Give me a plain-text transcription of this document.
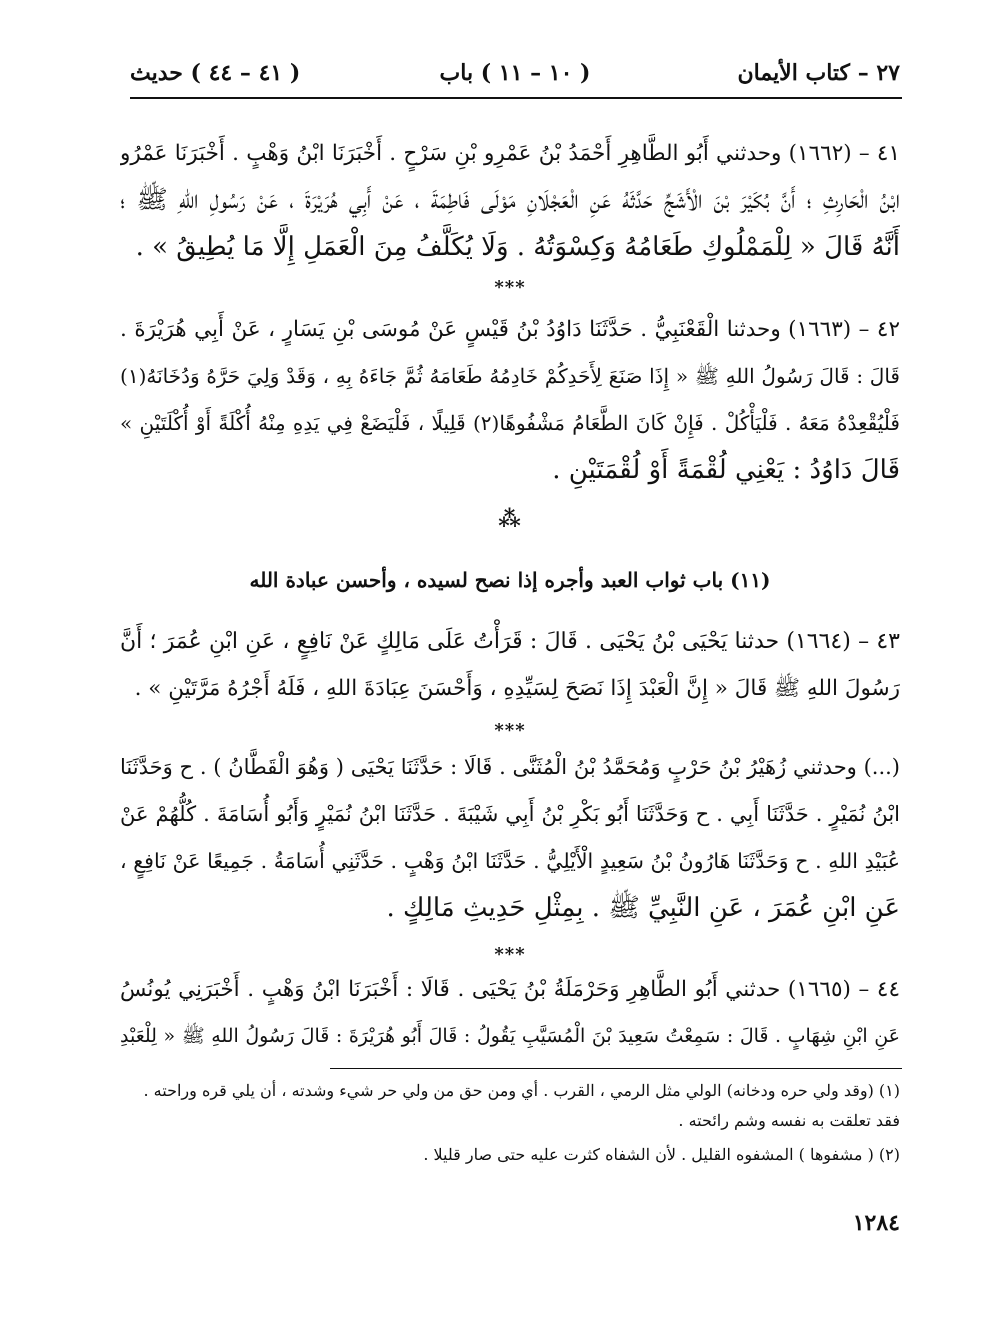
٢٧ – كتاب الأيمان
( ١٠ – ١١ ) باب
( ٤١ – ٤٤ ) حديث
٤١ – (١٦٦٢) وحدثني أَبُو الطَّاهِرِ أَحْمَدُ بْنُ عَمْرِو بْنِ سَرْحٍ . أَخْبَرَنَا ابْنُ وَهْبٍ . أَخْبَرَنَا عَمْرُو
ابْنُ الْحَارِثِ ؛ أَنَّ بُكَيْرَ بْنَ الْأَشَجِّ حَدَّثَهُ عَنِ الْعَجْلَانِ مَوْلَى فَاطِمَةَ ، عَنْ أَبِي هُرَيْرَةَ ، عَنْ رَسُولِ اللهِ ﷺ ؛
أَنَّهُ قَالَ « لِلْمَمْلُوكِ طَعَامُهُ وَكِسْوَتُهُ . وَلَا يُكَلَّفُ مِنَ الْعَمَلِ إِلَّا مَا يُطِيقُ » .
***
٤٢ – (١٦٦٣) وحدثنا الْقَعْنَبِيُّ . حَدَّثَنَا دَاوُدُ بْنُ قَيْسٍ عَنْ مُوسَى بْنِ يَسَارٍ ، عَنْ أَبِي هُرَيْرَةَ .
قَالَ : قَالَ رَسُولُ اللهِ ﷺ « إِذَا صَنَعَ لِأَحَدِكُمْ خَادِمُهُ طَعَامَهُ ثُمَّ جَاءَهُ بِهِ ، وَقَدْ وَلِيَ حَرَّهُ وَدُخَانَهُ(١)
فَلْيُقْعِدْهُ مَعَهُ . فَلْيَأْكُلْ . فَإِنْ كَانَ الطَّعَامُ مَشْفُوهًا(٢) قَلِيلًا ، فَلْيَضَعْ فِي يَدِهِ مِنْهُ أُكْلَةً أَوْ أُكْلَتَيْنِ »
قَالَ دَاوُدُ : يَعْنِي لُقْمَةً أَوْ لُقْمَتَيْنِ .
⁂
(١١) باب ثواب العبد وأجره إذا نصح لسيده ، وأحسن عبادة الله
٤٣ – (١٦٦٤) حدثنا يَحْيَى بْنُ يَحْيَى . قَالَ : قَرَأْتُ عَلَى مَالِكٍ عَنْ نَافِعٍ ، عَنِ ابْنِ عُمَرَ ؛ أَنَّ
رَسُولَ اللهِ ﷺ قَالَ « إِنَّ الْعَبْدَ إِذَا نَصَحَ لِسَيِّدِهِ ، وَأَحْسَنَ عِبَادَةَ اللهِ ، فَلَهُ أَجْرُهُ مَرَّتَيْنِ » .
***
(...) وحدثني زُهَيْرُ بْنُ حَرْبٍ وَمُحَمَّدُ بْنُ الْمُثَنَّى . قَالَا : حَدَّثَنَا يَحْيَى ( وَهُوَ الْقَطَّانُ ) . ح وَحَدَّثَنَا
ابْنُ نُمَيْرٍ . حَدَّثَنَا أَبِي . ح وَحَدَّثَنَا أَبُو بَكْرِ بْنُ أَبِي شَيْبَةَ . حَدَّثَنَا ابْنُ نُمَيْرٍ وَأَبُو أُسَامَةَ . كُلُّهُمْ عَنْ
عُبَيْدِ اللهِ . ح وَحَدَّثَنَا هَارُونُ بْنُ سَعِيدٍ الْأَيْلِيُّ . حَدَّثَنَا ابْنُ وَهْبٍ . حَدَّثَنِي أُسَامَةُ . جَمِيعًا عَنْ نَافِعٍ ،
عَنِ ابْنِ عُمَرَ ، عَنِ النَّبِيِّ ﷺ . بِمِثْلِ حَدِيثِ مَالِكٍ .
***
٤٤ – (١٦٦٥) حدثني أَبُو الطَّاهِرِ وَحَرْمَلَةُ بْنُ يَحْيَى . قَالَا : أَخْبَرَنَا ابْنُ وَهْبٍ . أَخْبَرَنِي يُونُسُ
عَنِ ابْنِ شِهَابٍ . قَالَ : سَمِعْتُ سَعِيدَ بْنَ الْمُسَيَّبِ يَقُولُ : قَالَ أَبُو هُرَيْرَةَ : قَالَ رَسُولُ اللهِ ﷺ « لِلْعَبْدِ
(١) (وقد ولي حره ودخانه) الولي مثل الرمي ، القرب . أي ومن حق من ولي حر شيء وشدته ، أن يلي قره وراحته .
فقد تعلقت به نفسه وشم رائحته .
(٢) ( مشفوها ) المشفوه القليل . لأن الشفاه كثرت عليه حتى صار قليلا .
١٢٨٤
